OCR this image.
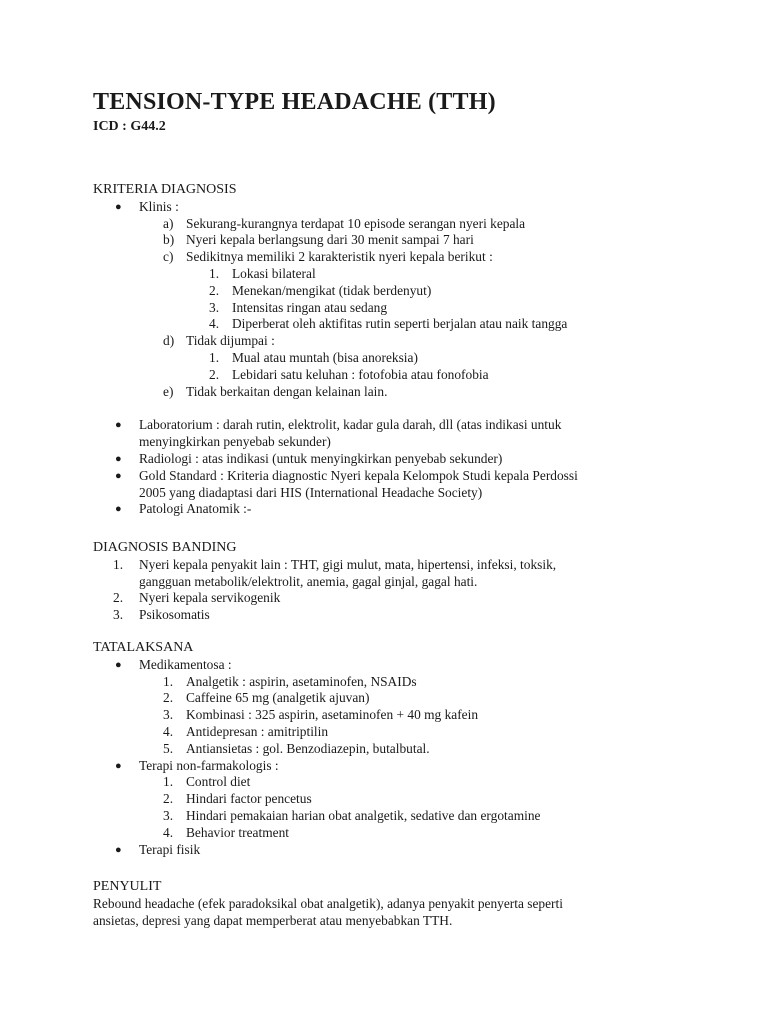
TENSION-TYPE HEADACHE (TTH)
ICD : G44.2
KRITERIA DIAGNOSIS
● Klinis :
a) Sekurang-kurangnya terdapat 10 episode serangan nyeri kepala
b) Nyeri kepala berlangsung dari 30 menit sampai 7 hari
c) Sedikitnya memiliki 2 karakteristik nyeri kepala berikut :
1. Lokasi bilateral
2. Menekan/mengikat (tidak berdenyut)
3. Intensitas ringan atau sedang
4. Diperberat oleh aktifitas rutin seperti berjalan atau naik tangga
d) Tidak dijumpai :
1. Mual atau muntah (bisa anoreksia)
2. Lebidari satu keluhan : fotofobia atau fonofobia
e) Tidak berkaitan dengan kelainan lain.
● Laboratorium : darah rutin, elektrolit, kadar gula darah, dll (atas indikasi untuk
menyingkirkan penyebab sekunder)
● Radiologi : atas indikasi (untuk menyingkirkan penyebab sekunder)
● Gold Standard : Kriteria diagnostic Nyeri kepala Kelompok Studi kepala Perdossi
2005 yang diadaptasi dari HIS (International Headache Society)
● Patologi Anatomik :-
DIAGNOSIS BANDING
1.	Nyeri kepala penyakit lain : THT, gigi mulut, mata, hipertensi, infeksi, toksik,
gangguan metabolik/elektrolit, anemia, gagal ginjal, gagal hati.
2.	Nyeri kepala servikogenik
3.	Psikosomatis
TATALAKSANA
● Medikamentosa :
1. Analgetik : aspirin, asetaminofen, NSAIDs
2. Caffeine 65 mg (analgetik ajuvan)
3. Kombinasi : 325 aspirin, asetaminofen + 40 mg kafein
4. Antidepresan : amitriptilin
5. Antiansietas : gol. Benzodiazepin, butalbutal.
● Terapi non-farmakologis :
1. Control diet
2. Hindari factor pencetus
3. Hindari pemakaian harian obat analgetik, sedative dan ergotamine
4. Behavior treatment
● Terapi fisik
PENYULIT
Rebound headache (efek paradoksikal obat analgetik), adanya penyakit penyerta seperti
ansietas, depresi yang dapat memperberat atau menyebabkan TTH.
